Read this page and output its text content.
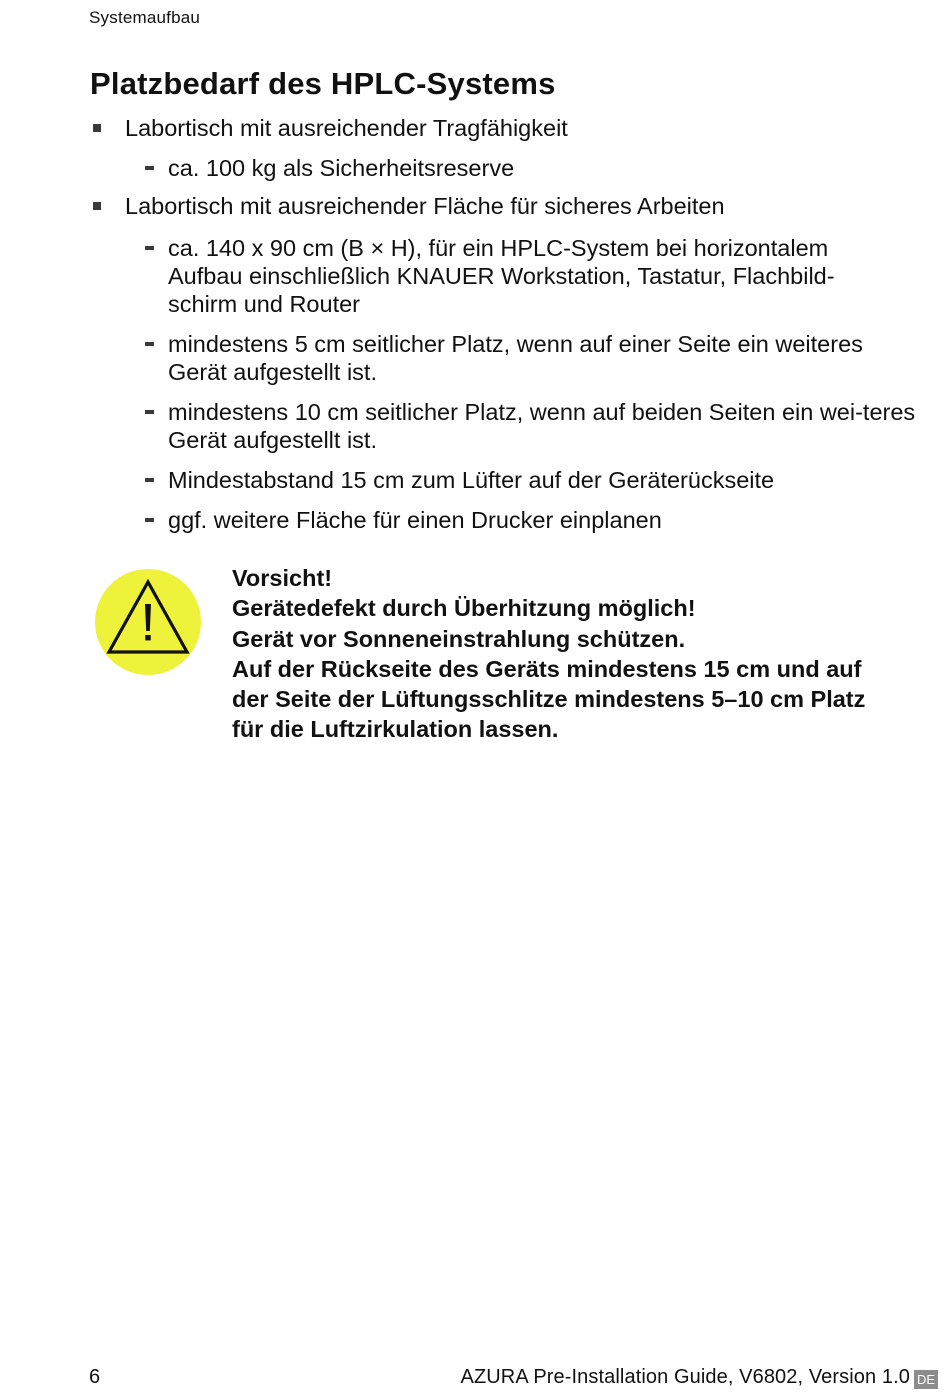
Systemaufbau
Platzbedarf des HPLC-Systems
Labortisch mit ausreichender Tragfähigkeit
ca. 100 kg als Sicherheitsreserve
Labortisch mit ausreichender Fläche für sicheres Arbeiten
ca. 140 x 90 cm (B × H), für ein HPLC-System bei horizontalem Aufbau einschließlich KNAUER Workstation, Tastatur, Flachbild-schirm und Router
mindestens 5 cm seitlicher Platz, wenn auf einer Seite ein weiteres Gerät aufgestellt ist.
mindestens 10 cm seitlicher Platz, wenn auf beiden Seiten ein wei-teres Gerät aufgestellt ist.
Mindestabstand 15 cm zum Lüfter auf der Geräterückseite
ggf. weitere Fläche für einen Drucker einplanen
Vorsicht!
Gerätedefekt durch Überhitzung möglich!
Gerät vor Sonneneinstrahlung schützen.
Auf der Rückseite des Geräts mindestens 15 cm und auf
der Seite der Lüftungsschlitze mindestens 5–10 cm Platz
für die Luftzirkulation lassen.
6	AZURA Pre-Installation Guide, V6802, Version 1.0 DE
